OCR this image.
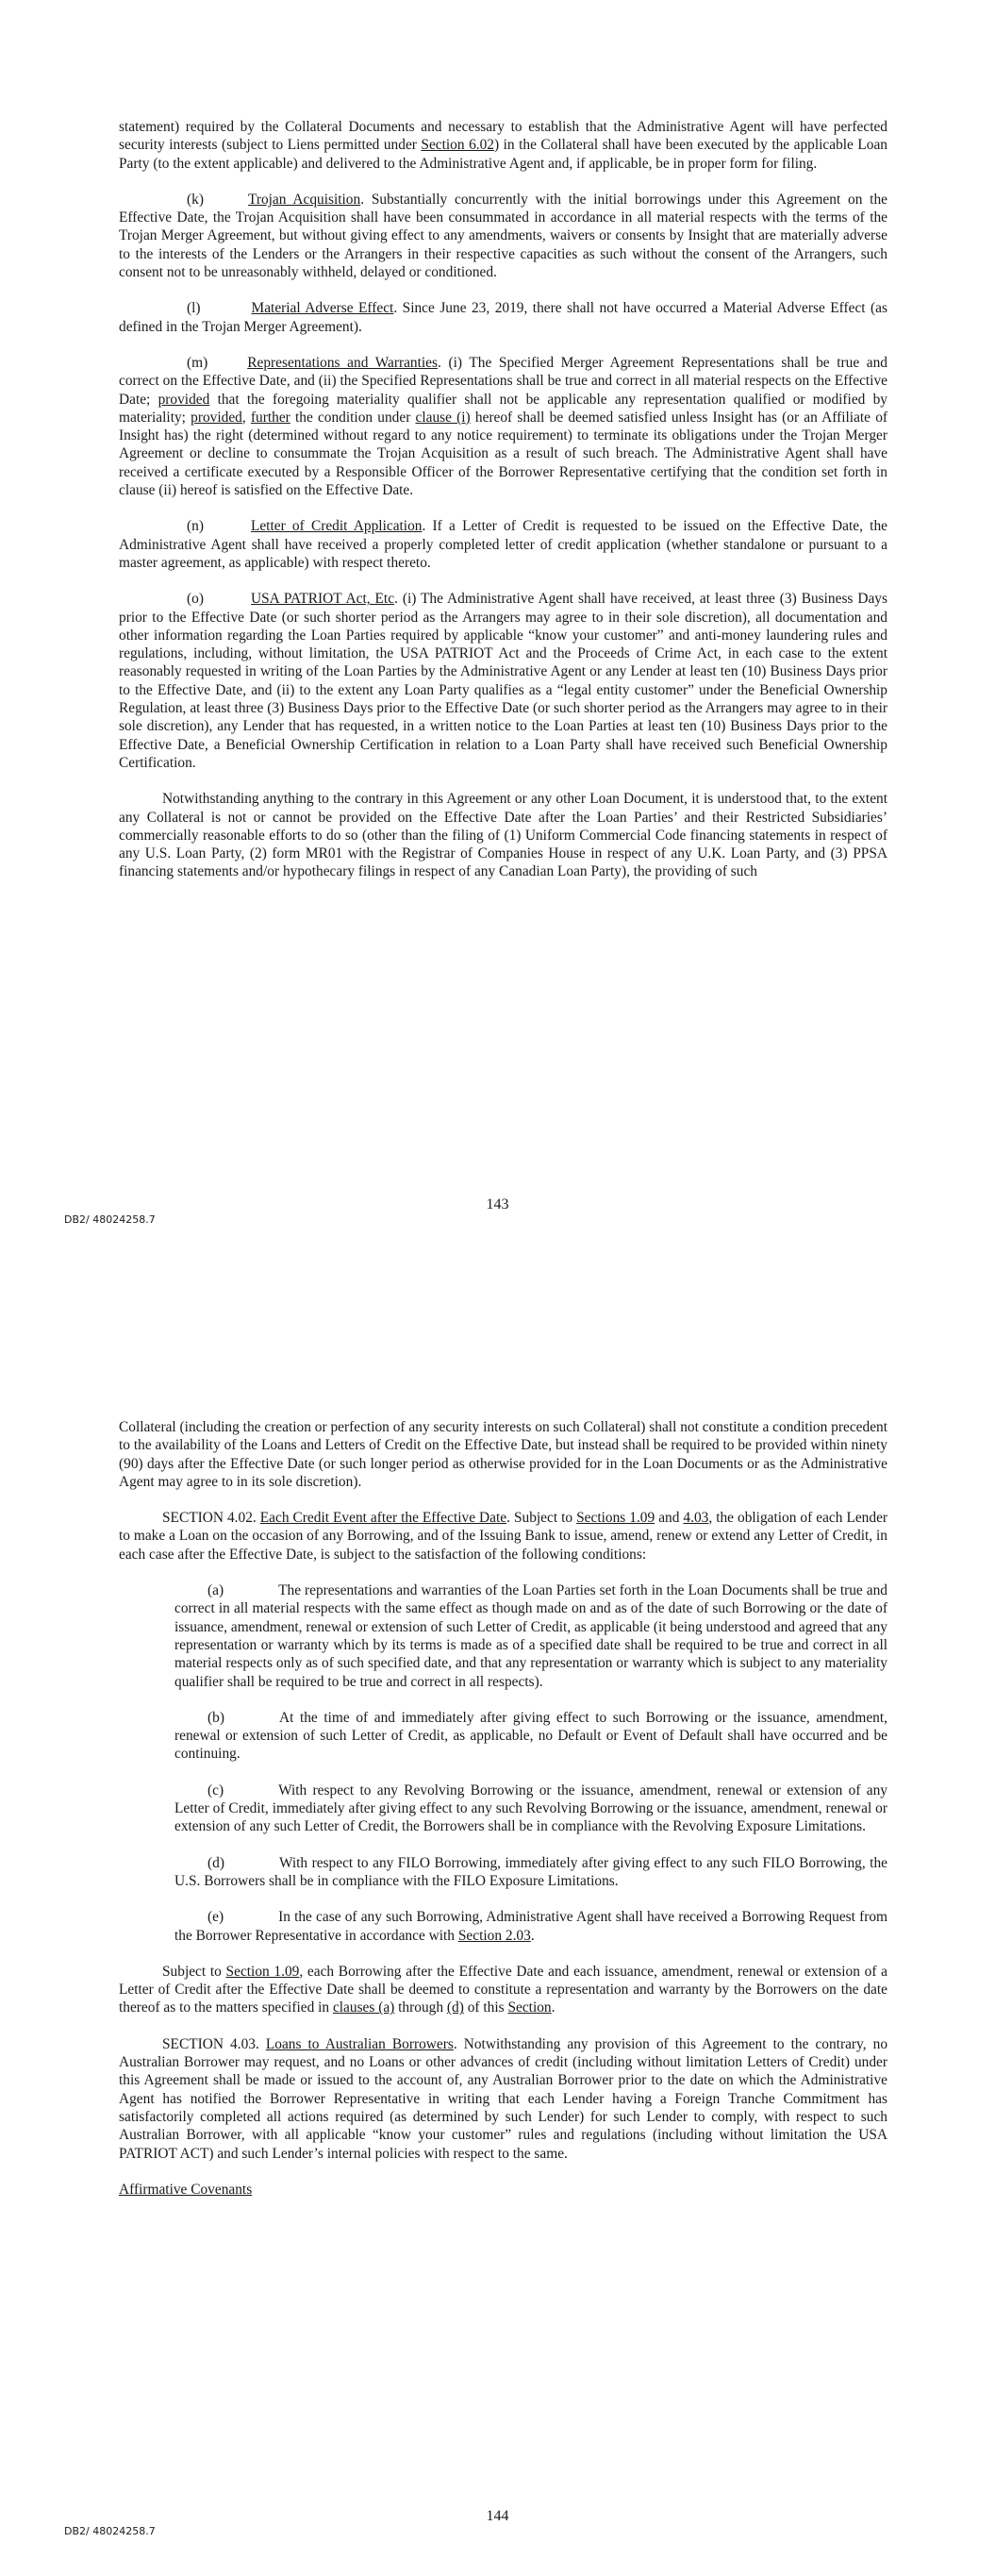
statement) required by the Collateral Documents and necessary to establish that the Administrative Agent will have perfected security interests (subject to Liens permitted under Section 6.02) in the Collateral shall have been executed by the applicable Loan Party (to the extent applicable) and delivered to the Administrative Agent and, if applicable, be in proper form for filing.

(k)	Trojan Acquisition. Substantially concurrently with the initial borrowings under this Agreement on the Effective Date, the Trojan Acquisition shall have been consummated in accordance in all material respects with the terms of the Trojan Merger Agreement, but without giving effect to any amendments, waivers or consents by Insight that are materially adverse to the interests of the Lenders or the Arrangers in their respective capacities as such without the consent of the Arrangers, such consent not to be unreasonably withheld, delayed or conditioned.

(l)	Material Adverse Effect. Since June 23, 2019, there shall not have occurred a Material Adverse Effect (as defined in the Trojan Merger Agreement).

(m)	Representations and Warranties. (i) The Specified Merger Agreement Representations shall be true and correct on the Effective Date, and (ii) the Specified Representations shall be true and correct in all material respects on the Effective Date; provided that the foregoing materiality qualifier shall not be applicable any representation qualified or modified by materiality; provided, further the condition under clause (i) hereof shall be deemed satisfied unless Insight has (or an Affiliate of Insight has) the right (determined without regard to any notice requirement) to terminate its obligations under the Trojan Merger Agreement or decline to consummate the Trojan Acquisition as a result of such breach. The Administrative Agent shall have received a certificate executed by a Responsible Officer of the Borrower Representative certifying that the condition set forth in clause (ii) hereof is satisfied on the Effective Date.

(n)	Letter of Credit Application. If a Letter of Credit is requested to be issued on the Effective Date, the Administrative Agent shall have received a properly completed letter of credit application (whether standalone or pursuant to a master agreement, as applicable) with respect thereto.

(o)	USA PATRIOT Act, Etc. (i) The Administrative Agent shall have received, at least three (3) Business Days prior to the Effective Date (or such shorter period as the Arrangers may agree to in their sole discretion), all documentation and other information regarding the Loan Parties required by applicable “know your customer” and anti-money laundering rules and regulations, including, without limitation, the USA PATRIOT Act and the Proceeds of Crime Act, in each case to the extent reasonably requested in writing of the Loan Parties by the Administrative Agent or any Lender at least ten (10) Business Days prior to the Effective Date, and (ii) to the extent any Loan Party qualifies as a “legal entity customer” under the Beneficial Ownership Regulation, at least three (3) Business Days prior to the Effective Date (or such shorter period as the Arrangers may agree to in their sole discretion), any Lender that has requested, in a written notice to the Loan Parties at least ten (10) Business Days prior to the Effective Date, a Beneficial Ownership Certification in relation to a Loan Party shall have received such Beneficial Ownership Certification.

Notwithstanding anything to the contrary in this Agreement or any other Loan Document, it is understood that, to the extent any Collateral is not or cannot be provided on the Effective Date after the Loan Parties’ and their Restricted Subsidiaries’ commercially reasonable efforts to do so (other than the filing of (1) Uniform Commercial Code financing statements in respect of any U.S. Loan Party, (2) form MR01 with the Registrar of Companies House in respect of any U.K. Loan Party, and (3) PPSA financing statements and/or hypothecary filings in respect of any Canadian Loan Party), the providing of such

143
DB2/ 48024258.7

Collateral (including the creation or perfection of any security interests on such Collateral) shall not constitute a condition precedent to the availability of the Loans and Letters of Credit on the Effective Date, but instead shall be required to be provided within ninety (90) days after the Effective Date (or such longer period as otherwise provided for in the Loan Documents or as the Administrative Agent may agree to in its sole discretion).

SECTION 4.02. Each Credit Event after the Effective Date. Subject to Sections 1.09 and 4.03, the obligation of each Lender to make a Loan on the occasion of any Borrowing, and of the Issuing Bank to issue, amend, renew or extend any Letter of Credit, in each case after the Effective Date, is subject to the satisfaction of the following conditions:

(a)	The representations and warranties of the Loan Parties set forth in the Loan Documents shall be true and correct in all material respects with the same effect as though made on and as of the date of such Borrowing or the date of issuance, amendment, renewal or extension of such Letter of Credit, as applicable (it being understood and agreed that any representation or warranty which by its terms is made as of a specified date shall be required to be true and correct in all material respects only as of such specified date, and that any representation or warranty which is subject to any materiality qualifier shall be required to be true and correct in all respects).

(b)	At the time of and immediately after giving effect to such Borrowing or the issuance, amendment, renewal or extension of such Letter of Credit, as applicable, no Default or Event of Default shall have occurred and be continuing.

(c)	With respect to any Revolving Borrowing or the issuance, amendment, renewal or extension of any Letter of Credit, immediately after giving effect to any such Revolving Borrowing or the issuance, amendment, renewal or extension of any such Letter of Credit, the Borrowers shall be in compliance with the Revolving Exposure Limitations.

(d)	With respect to any FILO Borrowing, immediately after giving effect to any such FILO Borrowing, the U.S. Borrowers shall be in compliance with the FILO Exposure Limitations.

(e)	In the case of any such Borrowing, Administrative Agent shall have received a Borrowing Request from the Borrower Representative in accordance with Section 2.03.

Subject to Section 1.09, each Borrowing after the Effective Date and each issuance, amendment, renewal or extension of a Letter of Credit after the Effective Date shall be deemed to constitute a representation and warranty by the Borrowers on the date thereof as to the matters specified in clauses (a) through (d) of this Section.

SECTION 4.03. Loans to Australian Borrowers. Notwithstanding any provision of this Agreement to the contrary, no Australian Borrower may request, and no Loans or other advances of credit (including without limitation Letters of Credit) under this Agreement shall be made or issued to the account of, any Australian Borrower prior to the date on which the Administrative Agent has notified the Borrower Representative in writing that each Lender having a Foreign Tranche Commitment has satisfactorily completed all actions required (as determined by such Lender) for such Lender to comply, with respect to such Australian Borrower, with all applicable “know your customer” rules and regulations (including without limitation the USA PATRIOT ACT) and such Lender’s internal policies with respect to the same.

Affirmative Covenants

144
DB2/ 48024258.7
